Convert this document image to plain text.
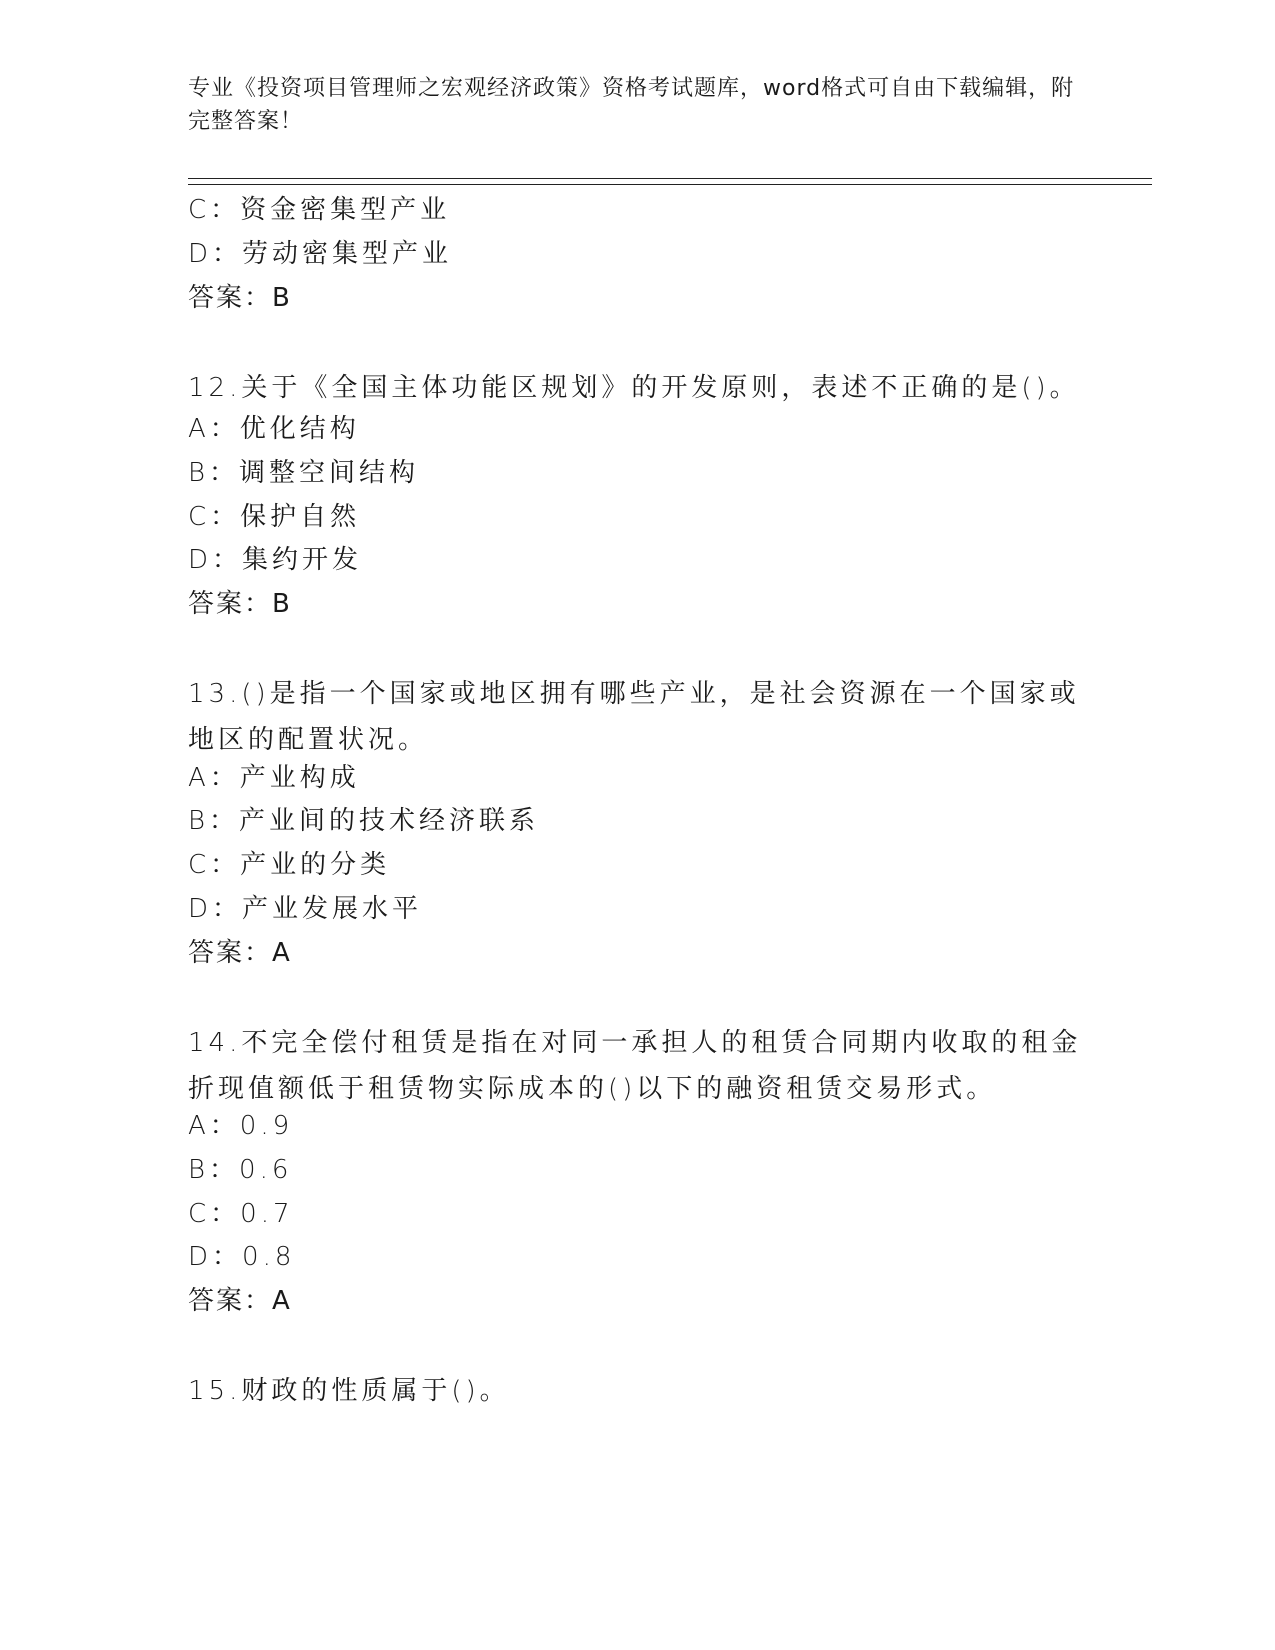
专业《投资项目管理师之宏观经济政策》资格考试题库，word格式可自由下载编辑，附完整答案！
C：资金密集型产业
D：劳动密集型产业
答案：B
12.关于《全国主体功能区规划》的开发原则，表述不正确的是()。
A：优化结构
B：调整空间结构
C：保护自然
D：集约开发
答案：B
13.()是指一个国家或地区拥有哪些产业，是社会资源在一个国家或地区的配置状况。
A：产业构成
B：产业间的技术经济联系
C：产业的分类
D：产业发展水平
答案：A
14.不完全偿付租赁是指在对同一承担人的租赁合同期内收取的租金折现值额低于租赁物实际成本的()以下的融资租赁交易形式。
A：0.9
B：0.6
C：0.7
D：0.8
答案：A
15.财政的性质属于()。
